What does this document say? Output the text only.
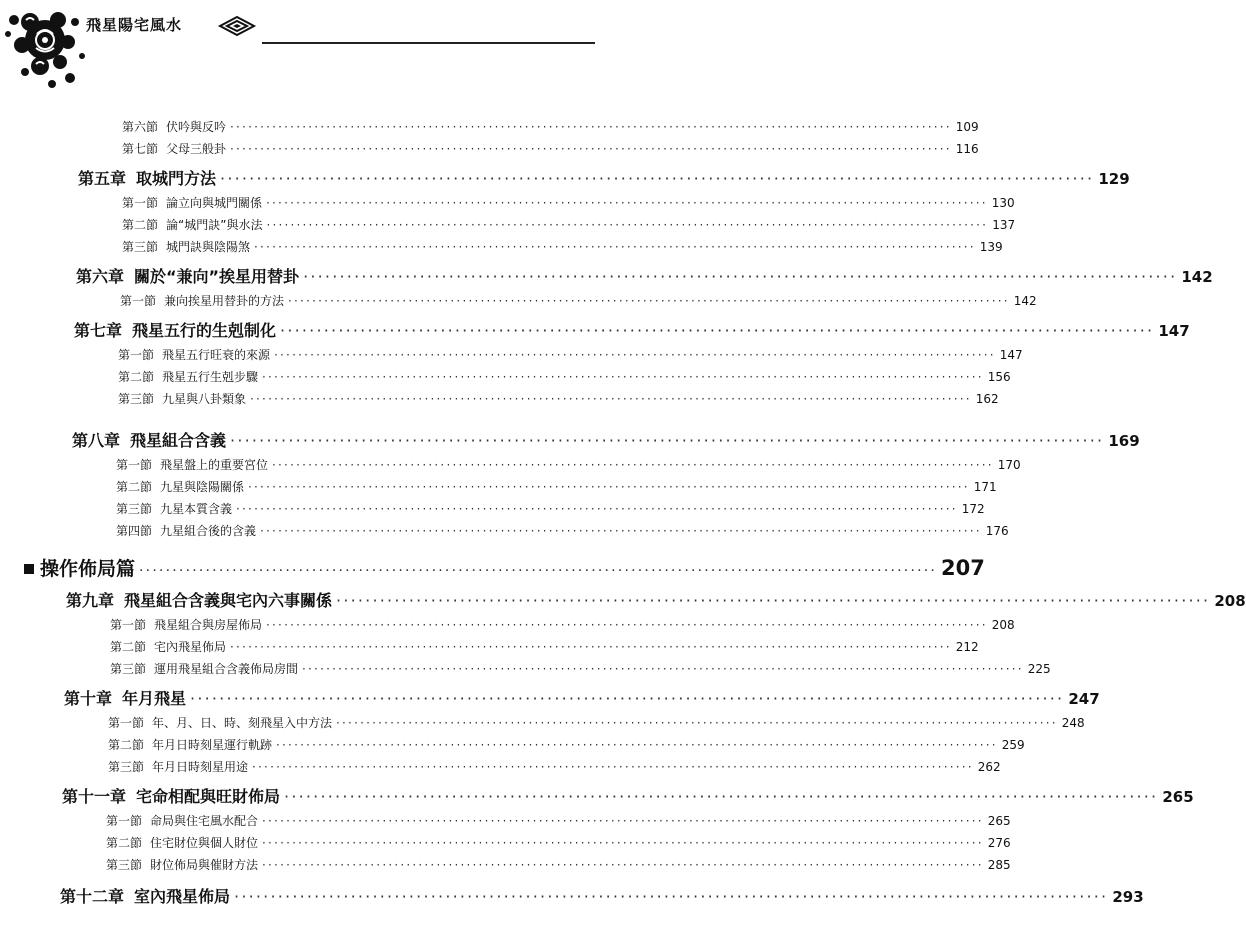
飛星陽宅風水
第六節 伏吟與反吟 ························································································································ 109
第七節 父母三般卦 ························································································································ 116
第五章 取城門方法 ························································································································ 129
第一節 論立向與城門關係 ························································································································ 130
第二節 論“城門訣”與水法 ························································································································ 137
第三節 城門訣與陰陽煞 ························································································································ 139
第六章 關於“兼向”挨星用替卦 ························································································································ 142
第一節 兼向挨星用替卦的方法 ························································································································ 142
第七章 飛星五行的生剋制化 ························································································································ 147
第一節 飛星五行旺衰的來源 ························································································································ 147
第二節 飛星五行生剋步驟 ························································································································ 156
第三節 九星與八卦類象 ························································································································ 162
第八章 飛星組合含義 ························································································································ 169
第一節 飛星盤上的重要宮位 ························································································································ 170
第二節 九星與陰陽關係 ························································································································ 171
第三節 九星本質含義 ························································································································ 172
第四節 九星組合後的含義 ························································································································ 176
操作佈局篇 ························································································································ 207
第九章 飛星組合含義與宅內六事關係 ························································································································ 208
第一節 飛星組合與房屋佈局 ························································································································ 208
第二節 宅內飛星佈局 ························································································································ 212
第三節 運用飛星組合含義佈局房間 ························································································································ 225
第十章 年月飛星 ························································································································ 247
第一節 年、月、日、時、刻飛星入中方法 ························································································································ 248
第二節 年月日時刻星運行軌跡 ························································································································ 259
第三節 年月日時刻星用途 ························································································································ 262
第十一章 宅命相配與旺財佈局 ························································································································ 265
第一節 命局與住宅風水配合 ························································································································ 265
第二節 住宅財位與個人財位 ························································································································ 276
第三節 財位佈局與催財方法 ························································································································ 285
第十二章 室內飛星佈局 ························································································································ 293
